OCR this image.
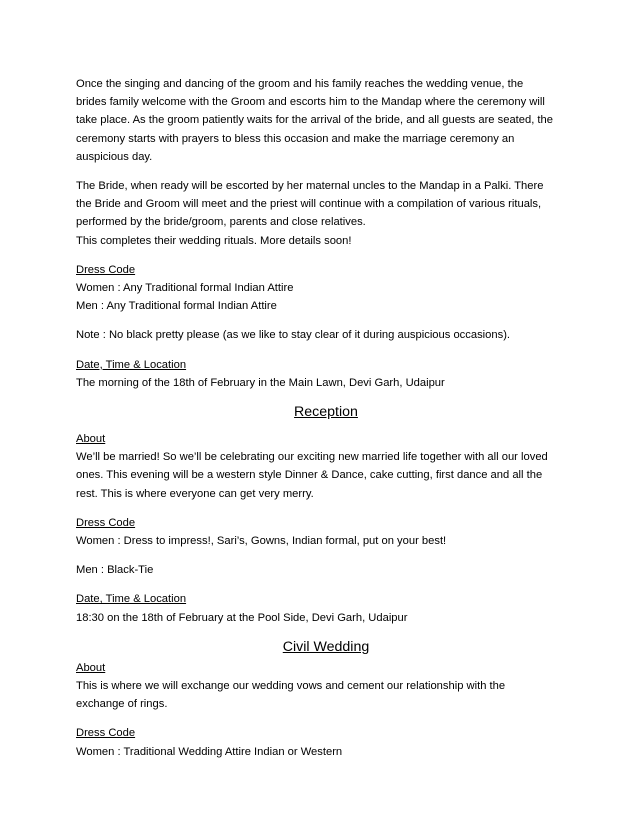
Once the singing and dancing of the groom and his family reaches the wedding venue, the
brides family welcome with the Groom and escorts him to the Mandap where the ceremony will
take place. As the groom patiently waits for the arrival of the bride, and all guests are seated, the
ceremony starts with prayers to bless this occasion and make the marriage ceremony an
auspicious day.
The Bride, when ready will be escorted by her maternal uncles to the Mandap in a Palki. There
the Bride and Groom will meet and the priest will continue with a compilation of various rituals,
performed by the bride/groom, parents and close relatives.
This completes their wedding rituals. More details soon!
Dress Code
Women : Any Traditional formal Indian Attire
Men : Any Traditional formal Indian Attire
Note : No black pretty please (as we like to stay clear of it during auspicious occasions).
Date, Time & Location
The morning of the 18th of February in the Main Lawn, Devi Garh, Udaipur
Reception
About
We’ll be married! So we’ll be celebrating our exciting new married life together with all our loved
ones. This evening will be a western style Dinner & Dance, cake cutting, first dance and all the
rest. This is where everyone can get very merry.
Dress Code
Women : Dress to impress!, Sari’s, Gowns, Indian formal, put on your best!
Men : Black-Tie
Date, Time & Location
18:30 on the 18th of February at the Pool Side, Devi Garh, Udaipur
Civil Wedding
About
This is where we will exchange our wedding vows and cement our relationship with the
exchange of rings.
Dress Code
Women : Traditional Wedding Attire Indian or Western
